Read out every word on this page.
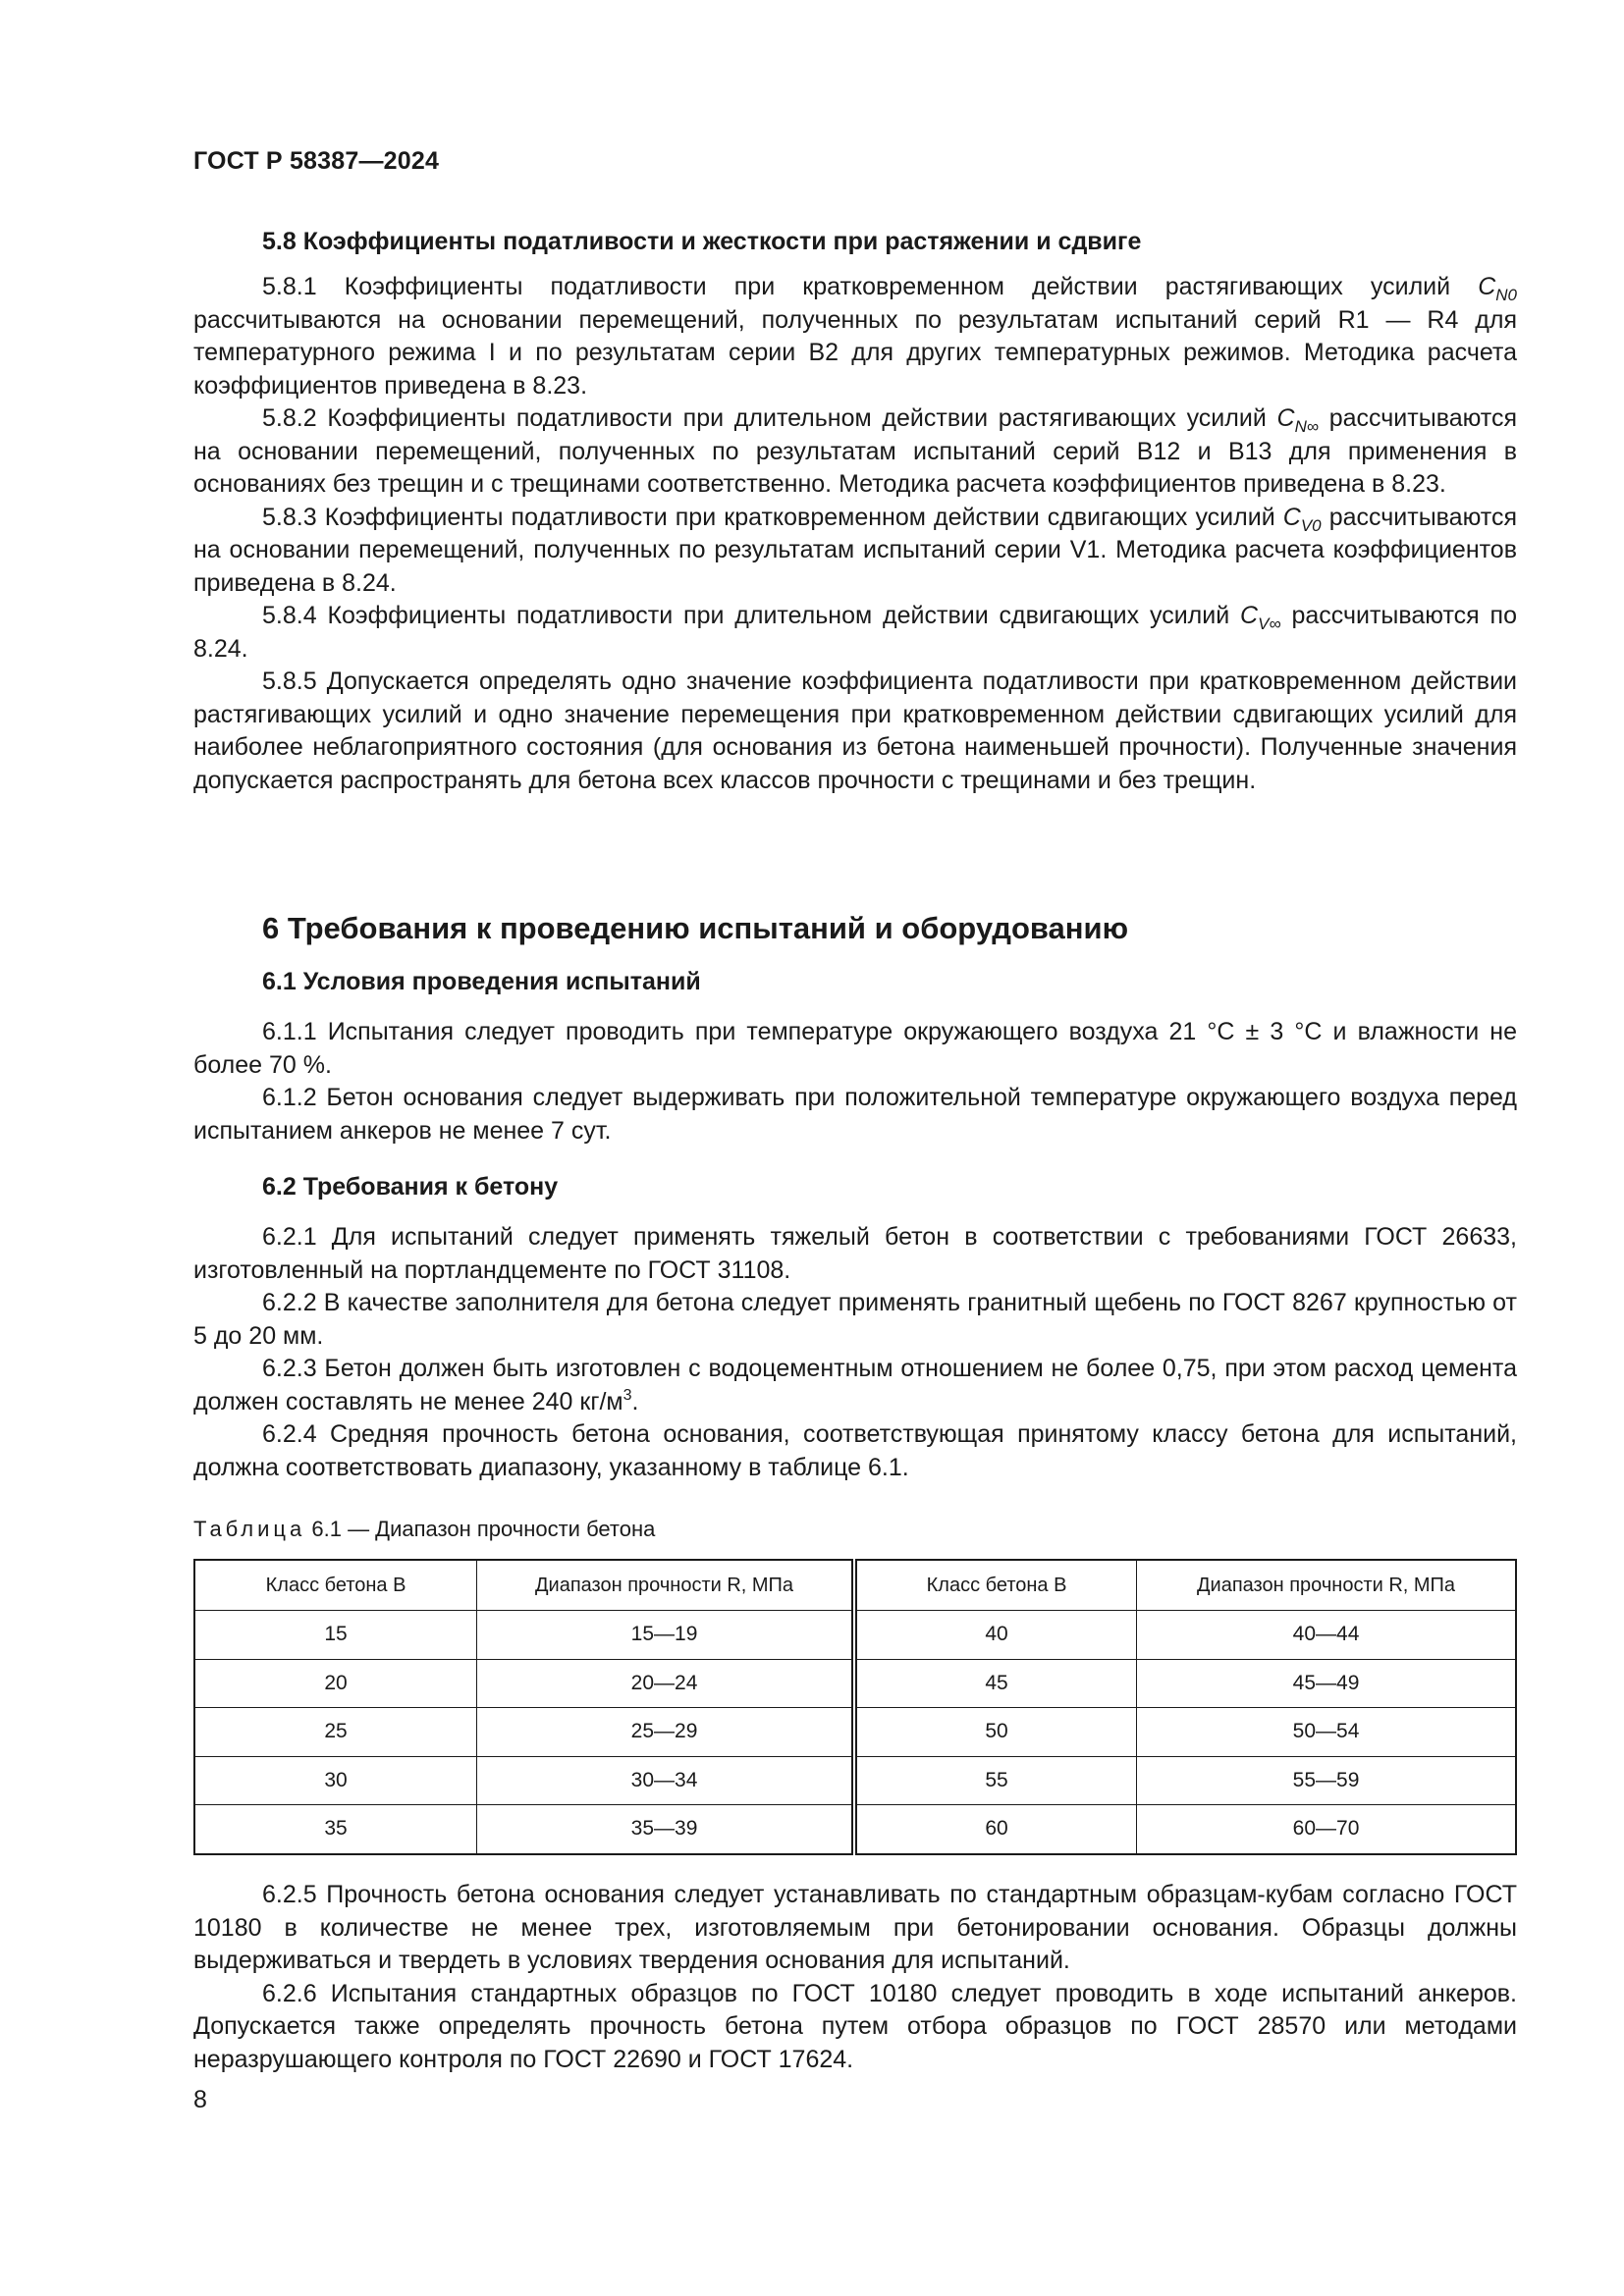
ГОСТ Р 58387—2024

5.8 Коэффициенты податливости и жесткости при растяжении и сдвиге

5.8.1 Коэффициенты податливости при кратковременном действии растягивающих усилий $C_{N0}$ рассчитываются на основании перемещений, полученных по результатам испытаний серий R1 — R4 для температурного режима I и по результатам серии B2 для других температурных режимов. Методика расчета коэффициентов приведена в 8.23.

5.8.2 Коэффициенты податливости при длительном действии растягивающих усилий $C_{N\infty}$ рассчитываются на основании перемещений, полученных по результатам испытаний серий B12 и B13 для применения в основаниях без трещин и с трещинами соответственно. Методика расчета коэффициентов приведена в 8.23.

5.8.3 Коэффициенты податливости при кратковременном действии сдвигающих усилий $C_{V0}$ рассчитываются на основании перемещений, полученных по результатам испытаний серии V1. Методика расчета коэффициентов приведена в 8.24.

5.8.4 Коэффициенты податливости при длительном действии сдвигающих усилий $C_{V\infty}$ рассчитываются по 8.24.

5.8.5 Допускается определять одно значение коэффициента податливости при кратковременном действии растягивающих усилий и одно значение перемещения при кратковременном действии сдвигающих усилий для наиболее неблагоприятного состояния (для основания из бетона наименьшей прочности). Полученные значения допускается распространять для бетона всех классов прочности с трещинами и без трещин.

6 Требования к проведению испытаний и оборудованию

6.1 Условия проведения испытаний

6.1.1 Испытания следует проводить при температуре окружающего воздуха 21 °С ± 3 °С и влажности не более 70 %.

6.1.2 Бетон основания следует выдерживать при положительной температуре окружающего воздуха перед испытанием анкеров не менее 7 сут.

6.2 Требования к бетону

6.2.1 Для испытаний следует применять тяжелый бетон в соответствии с требованиями ГОСТ 26633, изготовленный на портландцементе по ГОСТ 31108.

6.2.2 В качестве заполнителя для бетона следует применять гранитный щебень по ГОСТ 8267 крупностью от 5 до 20 мм.

6.2.3 Бетон должен быть изготовлен с водоцементным отношением не более 0,75, при этом расход цемента должен составлять не менее 240 $кг/м^3$.

6.2.4 Средняя прочность бетона основания, соответствующая принятому классу бетона для испытаний, должна соответствовать диапазону, указанному в таблице 6.1.

Таблица 6.1 — Диапазон прочности бетона

Класс бетона В	Диапазон прочности R, МПа	Класс бетона В	Диапазон прочности R, МПа
15	15—19	40	40—44
20	20—24	45	45—49
25	25—29	50	50—54
30	30—34	55	55—59
35	35—39	60	60—70

6.2.5 Прочность бетона основания следует устанавливать по стандартным образцам-кубам согласно ГОСТ 10180 в количестве не менее трех, изготовляемым при бетонировании основания. Образцы должны выдерживаться и твердеть в условиях твердения основания для испытаний.

6.2.6 Испытания стандартных образцов по ГОСТ 10180 следует проводить в ходе испытаний анкеров. Допускается также определять прочность бетона путем отбора образцов по ГОСТ 28570 или методами неразрушающего контроля по ГОСТ 22690 и ГОСТ 17624.

8
